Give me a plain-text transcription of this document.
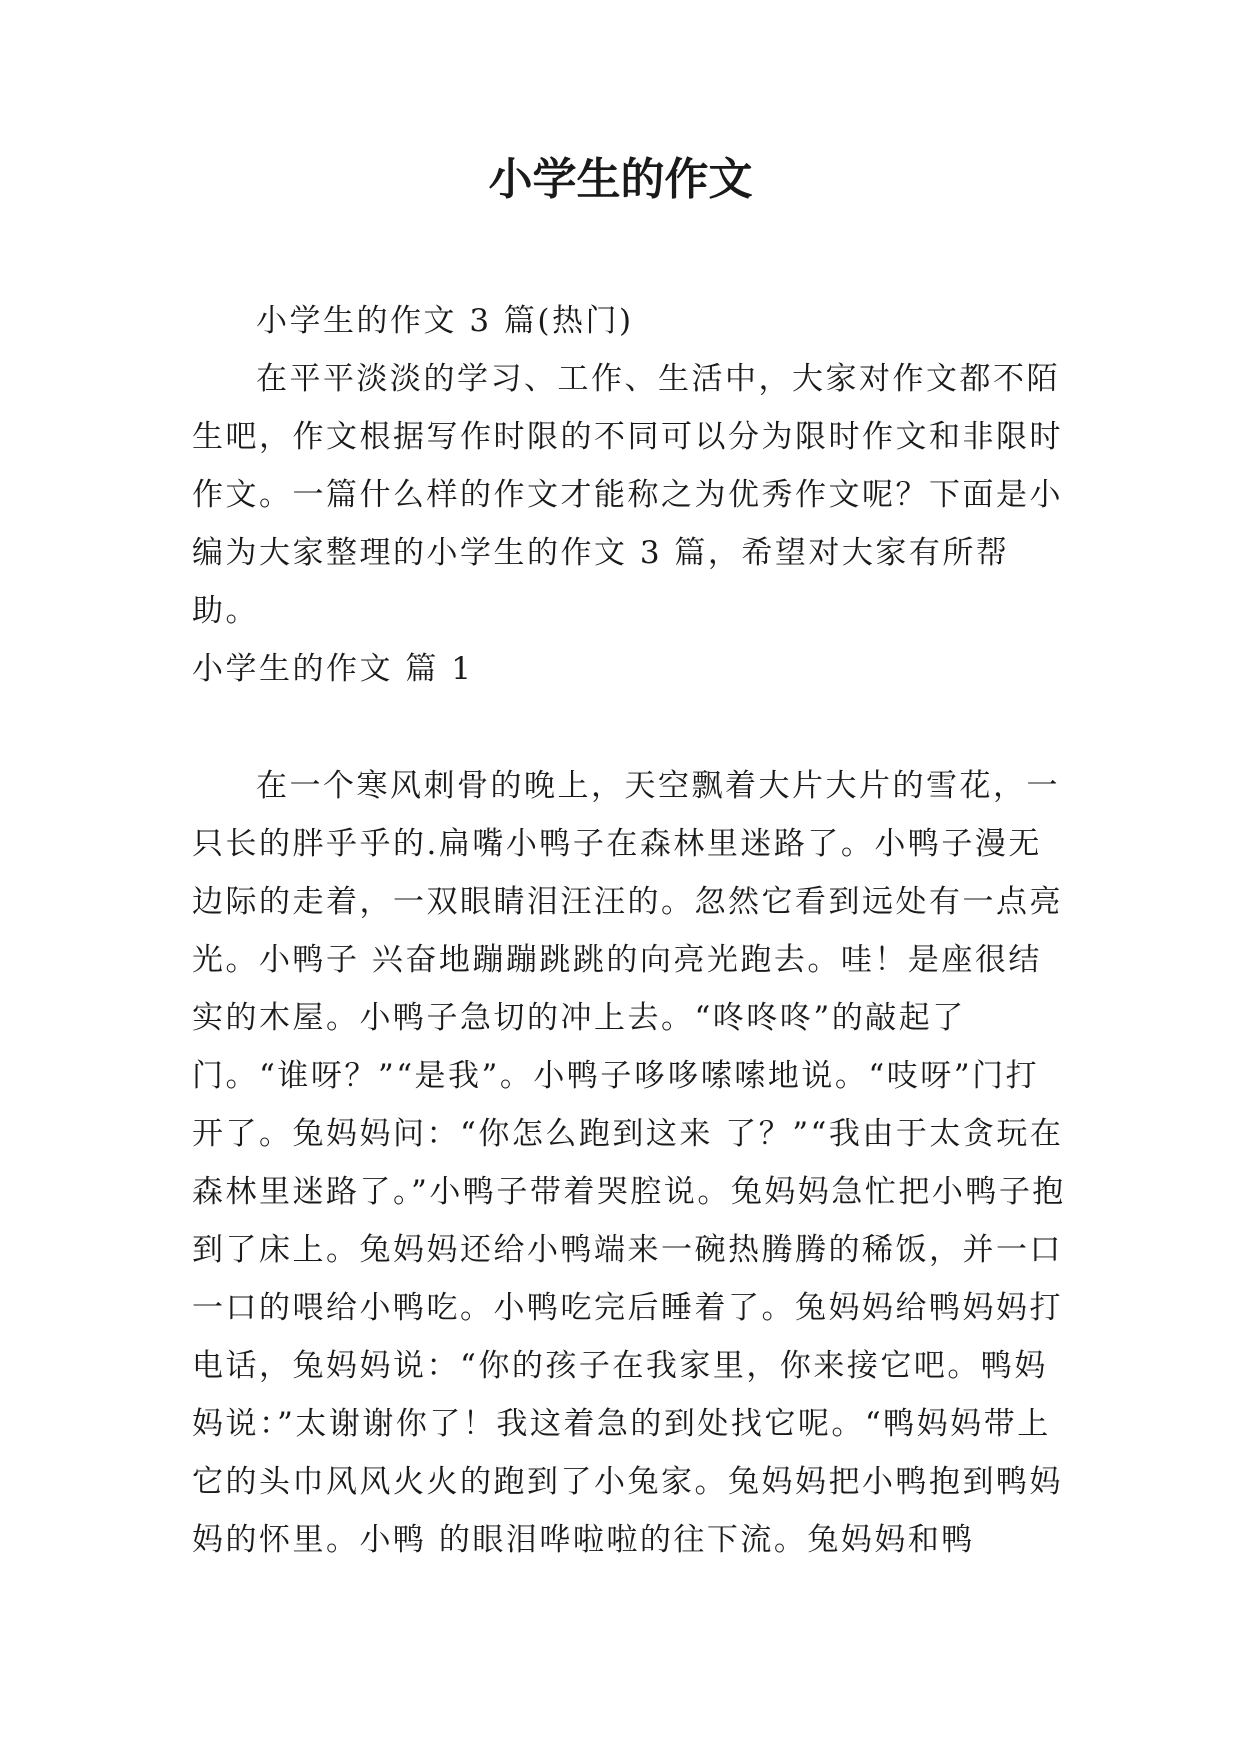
小学生的作文

小学生的作文 3 篇(热门)

在平平淡淡的学习、工作、生活中，大家对作文都不陌生吧，作文根据写作时限的不同可以分为限时作文和非限时作文。一篇什么样的作文才能称之为优秀作文呢？下面是小编为大家整理的小学生的作文 3 篇，希望对大家有所帮助。

小学生的作文 篇 1

在一个寒风刺骨的晚上，天空飘着大片大片的雪花，一只长的胖乎乎的.扁嘴小鸭子在森林里迷路了。小鸭子漫无边际的走着，一双眼睛泪汪汪的。忽然它看到远处有一点亮光。小鸭子 兴奋地蹦蹦跳跳的向亮光跑去。哇！是座很结实的木屋。小鸭子急切的冲上去。“咚咚咚”的敲起了门。“谁呀？”“是我”。小鸭子哆哆嗦嗦地说。“吱呀”门打开了。兔妈妈问：“你怎么跑到这来 了？”“我由于太贪玩在森林里迷路了。”小鸭子带着哭腔说。兔妈妈急忙把小鸭子抱到了床上。兔妈妈还给小鸭端来一碗热腾腾的稀饭，并一口一口的喂给小鸭吃。小鸭吃完后睡着了。兔妈妈给鸭妈妈打电话，兔妈妈说：“你的孩子在我家里，你来接它吧。鸭妈妈说：”太谢谢你了！我这着急的到处找它呢。“鸭妈妈带上它的头巾风风火火的跑到了小兔家。兔妈妈把小鸭抱到鸭妈妈的怀里。小鸭 的眼泪哗啦啦的往下流。兔妈妈和鸭
